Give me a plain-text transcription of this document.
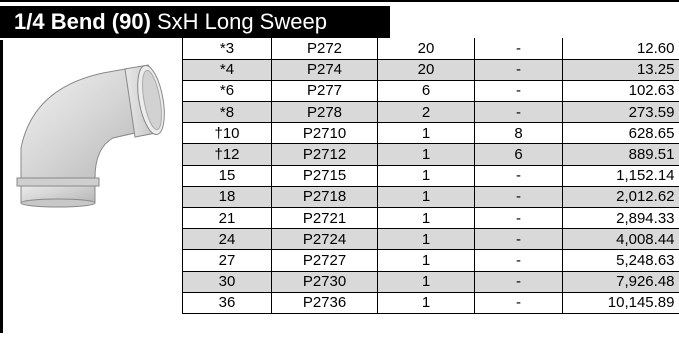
1/4 Bend (90) SxH Long Sweep
*3	P272	20	-	12.60
*4	P274	20	-	13.25
*6	P277	6	-	102.63
*8	P278	2	-	273.59
†10	P2710	1	8	628.65
†12	P2712	1	6	889.51
15	P2715	1	-	1,152.14
18	P2718	1	-	2,012.62
21	P2721	1	-	2,894.33
24	P2724	1	-	4,008.44
27	P2727	1	-	5,248.63
30	P2730	1	-	7,926.48
36	P2736	1	-	10,145.89
